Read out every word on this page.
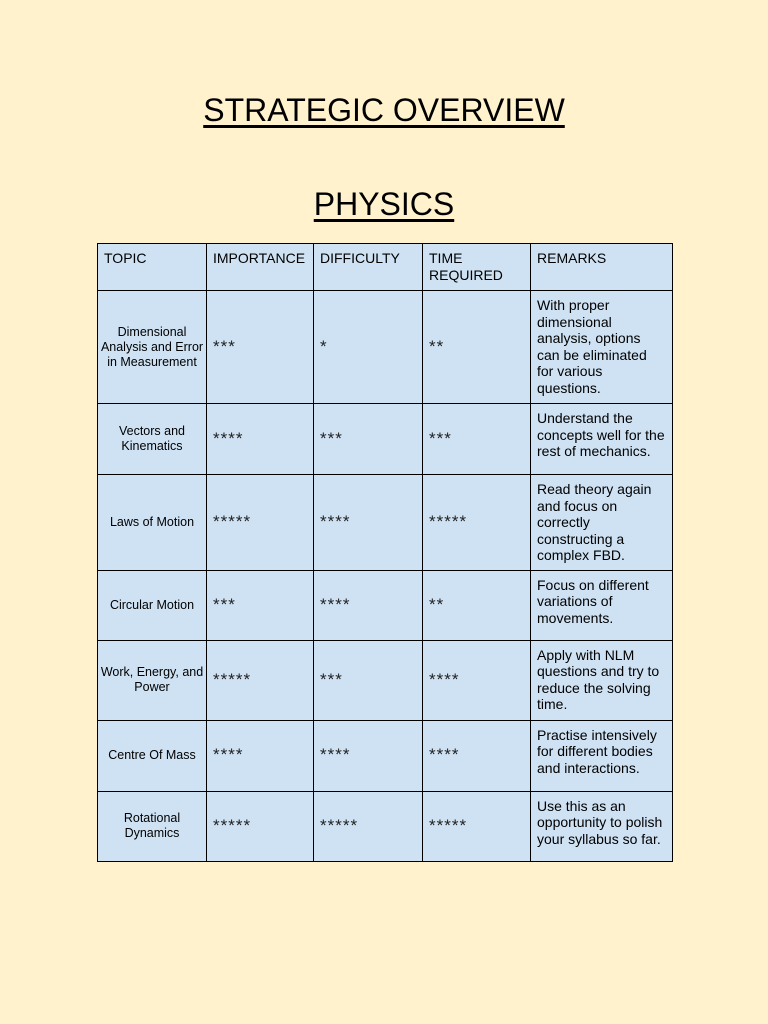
STRATEGIC OVERVIEW
PHYSICS
TOPIC	IMPORTANCE	DIFFICULTY	TIME REQUIRED	REMARKS
Dimensional Analysis and Error in Measurement	***	*	**	With proper dimensional analysis, options can be eliminated for various questions.
Vectors and Kinematics	****	***	***	Understand the concepts well for the rest of mechanics.
Laws of Motion	*****	****	*****	Read theory again and focus on correctly constructing a complex FBD.
Circular Motion	***	****	**	Focus on different variations of movements.
Work, Energy, and Power	*****	***	****	Apply with NLM questions and try to reduce the solving time.
Centre Of Mass	****	****	****	Practise intensively for different bodies and interactions.
Rotational Dynamics	*****	*****	*****	Use this as an opportunity to polish your syllabus so far.
